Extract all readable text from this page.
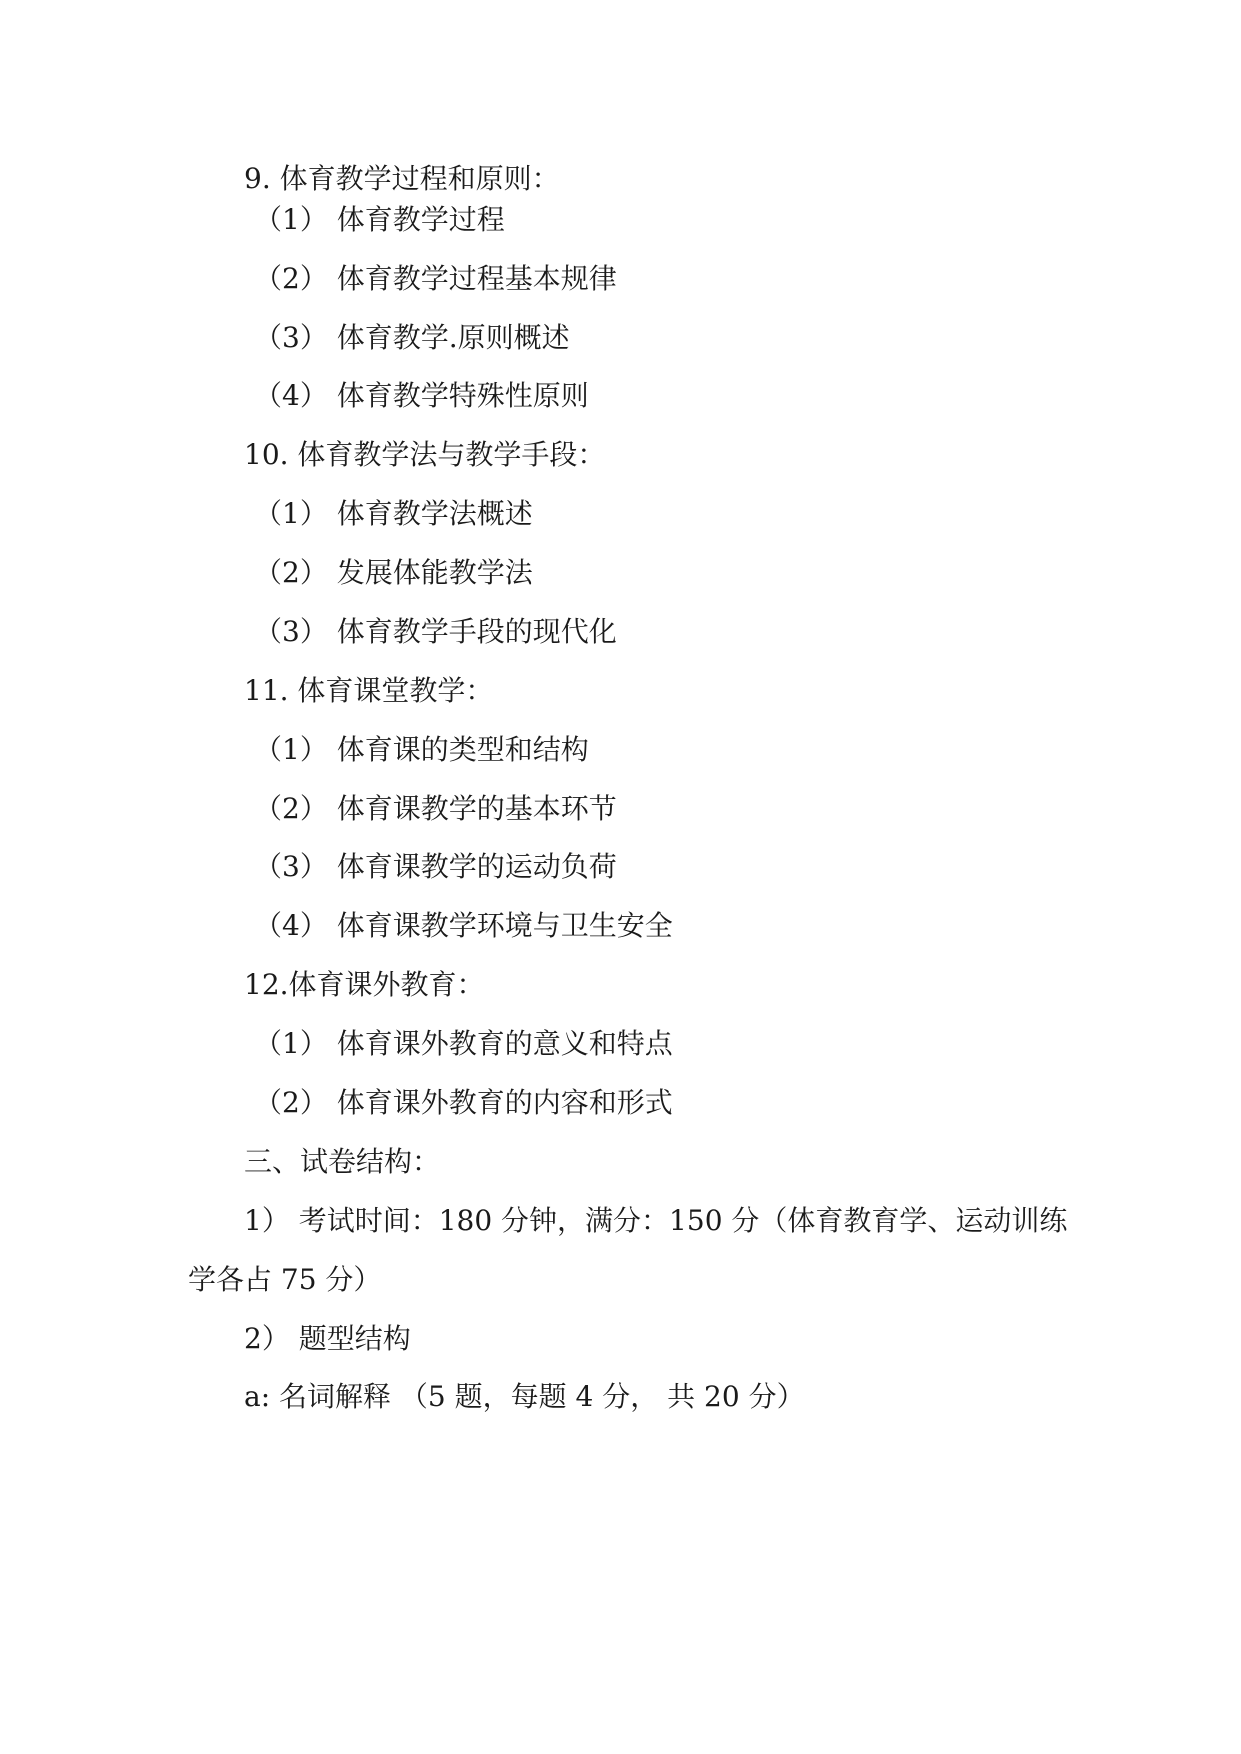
9. 体育教学过程和原则：
（1） 体育教学过程
（2） 体育教学过程基本规律
（3） 体育教学.原则概述
（4） 体育教学特殊性原则
10. 体育教学法与教学手段：
（1） 体育教学法概述
（2） 发展体能教学法
（3） 体育教学手段的现代化
11. 体育课堂教学：
（1） 体育课的类型和结构
（2） 体育课教学的基本环节
（3） 体育课教学的运动负荷
（4） 体育课教学环境与卫生安全
12.体育课外教育：
（1） 体育课外教育的意义和特点
（2） 体育课外教育的内容和形式
三、试卷结构：
1） 考试时间：180 分钟，满分：150 分（体育教育学、运动训练
学各占 75 分）
2） 题型结构
a: 名词解释 （5 题，每题 4 分， 共 20 分）
